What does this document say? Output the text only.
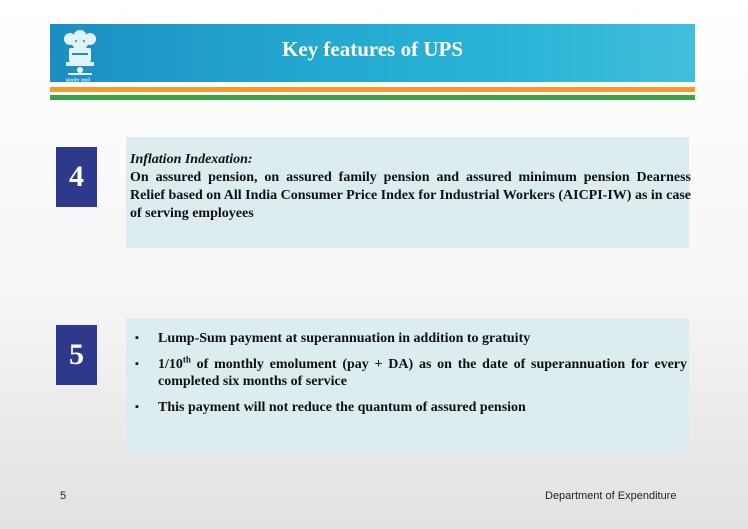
सत्यमेव जयते
Key features of UPS
4
Inflation Indexation:
On assured pension, on assured family pension and assured minimum pension Dearness Relief based on All India Consumer Price Index for Industrial Workers (AICPI-IW) as in case of serving employees
5	▪ Lump-Sum payment at superannuation in addition to gratuity
▪ 1/10th of monthly emolument (pay + DA) as on the date of superannuation for every completed six months of service
▪ This payment will not reduce the quantum of assured pension
5	Department of Expenditure
